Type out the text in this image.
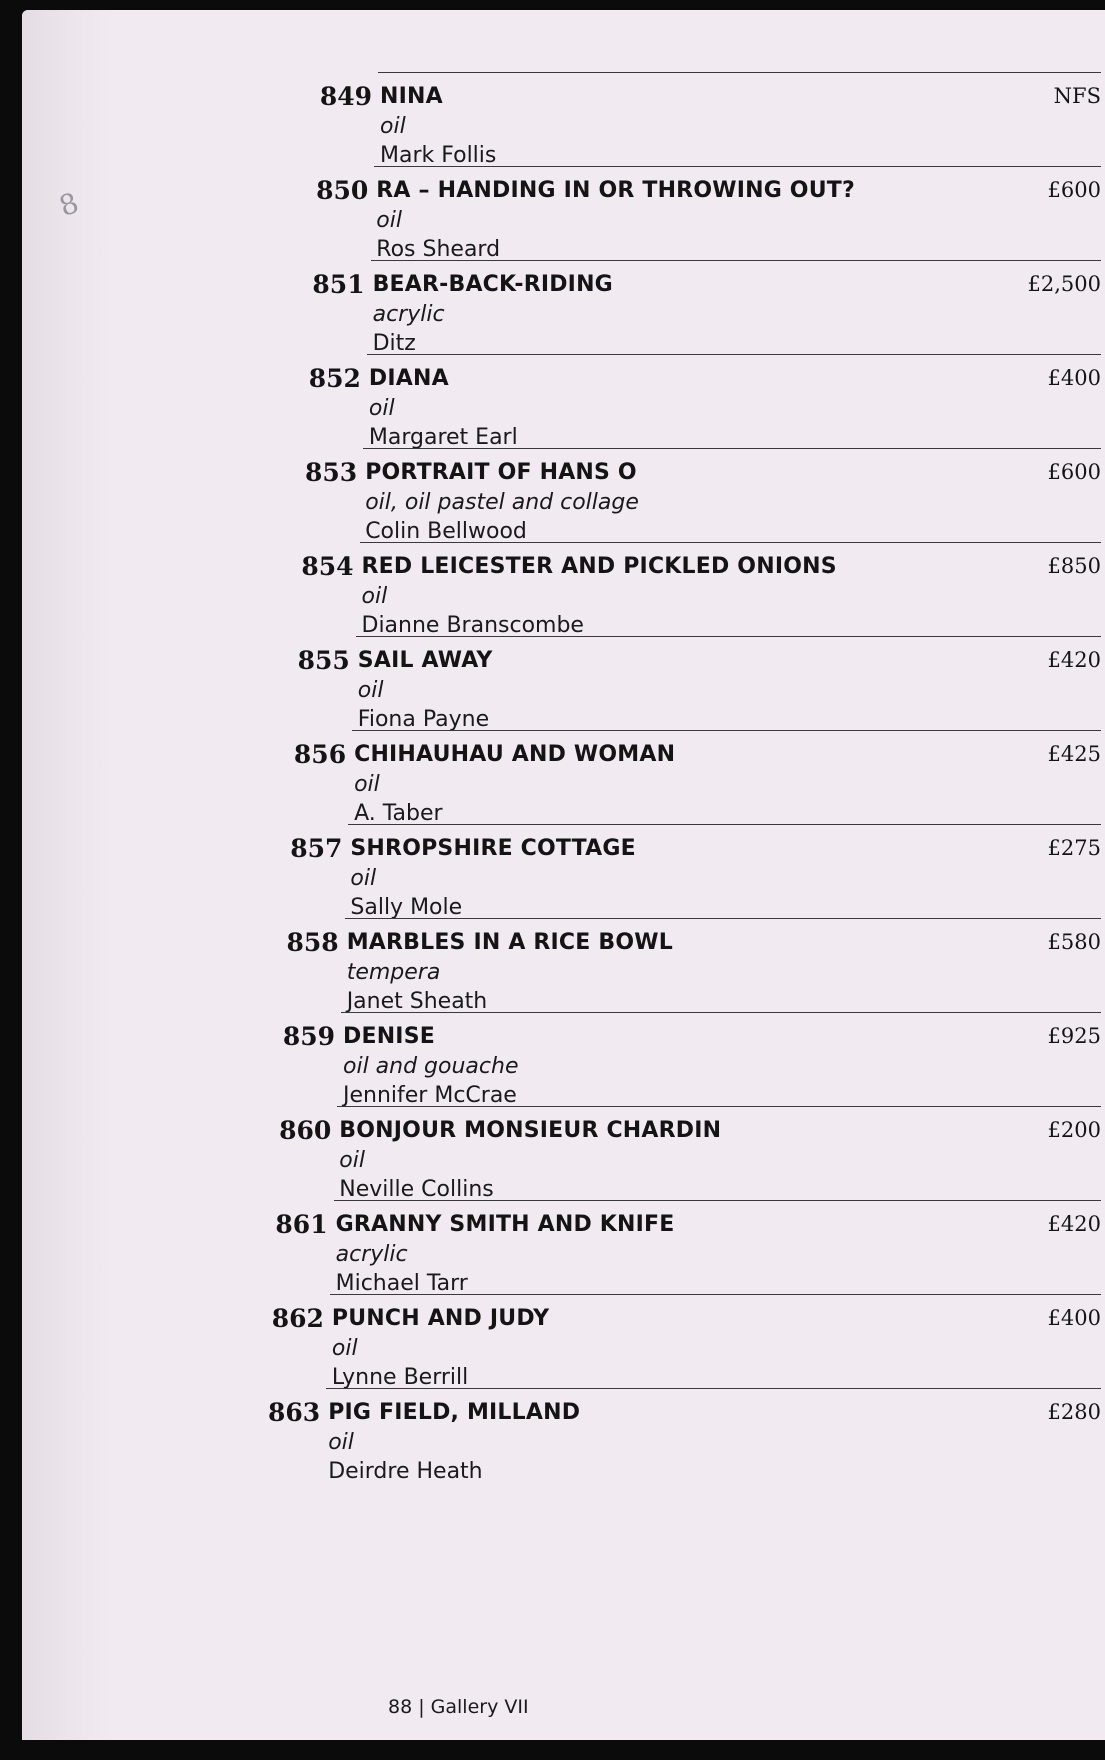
8
849 NINA
oil
Mark Follis
NFS
850 RA – HANDING IN OR THROWING OUT?
oil
Ros Sheard
£600
851 BEAR-BACK-RIDING
acrylic
Ditz
£2,500
852 DIANA
oil
Margaret Earl
£400
853 PORTRAIT OF HANS O
oil, oil pastel and collage
Colin Bellwood
£600
854 RED LEICESTER AND PICKLED ONIONS
oil
Dianne Branscombe
£850
855 SAIL AWAY
oil
Fiona Payne
£420
856 CHIHAUHAU AND WOMAN
oil
A. Taber
£425
857 SHROPSHIRE COTTAGE
oil
Sally Mole
£275
858 MARBLES IN A RICE BOWL
tempera
Janet Sheath
£580
859 DENISE
oil and gouache
Jennifer McCrae
£925
860 BONJOUR MONSIEUR CHARDIN
oil
Neville Collins
£200
861 GRANNY SMITH AND KNIFE
acrylic
Michael Tarr
£420
862 PUNCH AND JUDY
oil
Lynne Berrill
£400
863 PIG FIELD, MILLAND
oil
Deirdre Heath
£280
88 | Gallery VII
